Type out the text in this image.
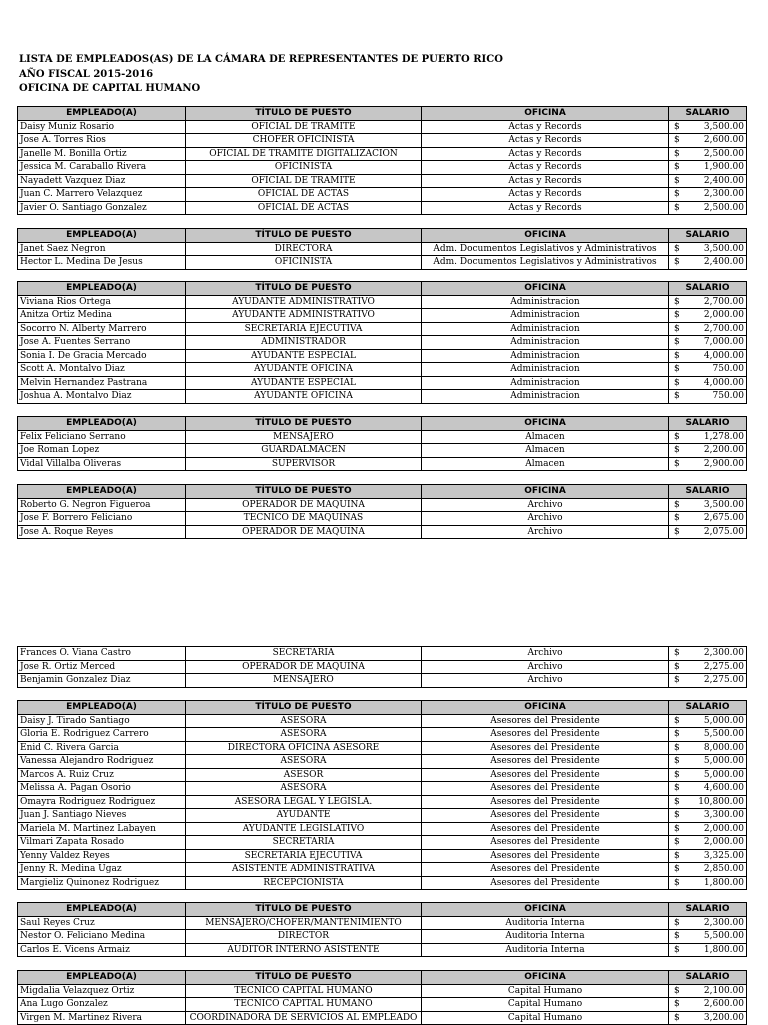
LISTA DE EMPLEADOS(AS) DE LA CÁMARA DE REPRESENTANTES DE PUERTO RICO
AÑO FISCAL 2015-2016
OFICINA DE CAPITAL HUMANO
EMPLEADO(A)	TÍTULO DE PUESTO	OFICINA	SALARIO
Daisy Muniz Rosario	OFICIAL DE TRAMITE	Actas y Records	$ 3,500.00

Jose A. Torres Rios	CHOFER OFICINISTA	Actas y Records	$ 2,600.00

Janelle M. Bonilla Ortiz	OFICIAL DE TRAMITE DIGITALIZACION	Actas y Records	$ 2,500.00

Jessica M. Caraballo Rivera	OFICINISTA	Actas y Records	$ 1,900.00

Nayadett Vazquez Diaz	OFICIAL DE TRAMITE	Actas y Records	$ 2,400.00

Juan C. Marrero Velazquez	OFICIAL DE ACTAS	Actas y Records	$ 2,300.00

Javier O. Santiago Gonzalez	OFICIAL DE ACTAS	Actas y Records	$ 2,500.00
EMPLEADO(A)	TÍTULO DE PUESTO	OFICINA	SALARIO
Janet Saez Negron	DIRECTORA	Adm. Documentos Legislativos y Administrativos	$ 3,500.00

Hector L. Medina De Jesus	OFICINISTA	Adm. Documentos Legislativos y Administrativos	$ 2,400.00
EMPLEADO(A)	TÍTULO DE PUESTO	OFICINA	SALARIO
Viviana Rios Ortega	AYUDANTE ADMINISTRATIVO	Administracion	$ 2,700.00

Anitza Ortiz Medina	AYUDANTE ADMINISTRATIVO	Administracion	$ 2,000.00

Socorro N. Alberty Marrero	SECRETARIA EJECUTIVA	Administracion	$ 2,700.00

Jose A. Fuentes Serrano	ADMINISTRADOR	Administracion	$ 7,000.00

Sonia I. De Gracia Mercado	AYUDANTE ESPECIAL	Administracion	$ 4,000.00

Scott A. Montalvo Diaz	AYUDANTE OFICINA	Administracion	$ 750.00

Melvin Hernandez Pastrana	AYUDANTE ESPECIAL	Administracion	$ 4,000.00

Joshua A. Montalvo Diaz	AYUDANTE OFICINA	Administracion	$ 750.00
EMPLEADO(A)	TÍTULO DE PUESTO	OFICINA	SALARIO
Felix Feliciano Serrano	MENSAJERO	Almacen	$ 1,278.00

Joe Roman Lopez	GUARDALMACEN	Almacen	$ 2,200.00

Vidal Villalba Oliveras	SUPERVISOR	Almacen	$ 2,900.00
EMPLEADO(A)	TÍTULO DE PUESTO	OFICINA	SALARIO
Roberto G. Negron Figueroa	OPERADOR DE MAQUINA	Archivo	$ 3,500.00

Jose F. Borrero Feliciano	TECNICO DE MAQUINAS	Archivo	$ 2,675.00

Jose A. Roque Reyes	OPERADOR DE MAQUINA	Archivo	$ 2,075.00
Frances O. Viana Castro	SECRETARIA	Archivo	$ 2,300.00

Jose R. Ortiz Merced	OPERADOR DE MAQUINA	Archivo	$ 2,275.00

Benjamin Gonzalez Diaz	MENSAJERO	Archivo	$ 2,275.00
EMPLEADO(A)	TÍTULO DE PUESTO	OFICINA	SALARIO
Daisy J. Tirado Santiago	ASESORA	Asesores del Presidente	$ 5,000.00

Gloria E. Rodriguez Carrero	ASESORA	Asesores del Presidente	$ 5,500.00

Enid C. Rivera Garcia	DIRECTORA OFICINA ASESORE	Asesores del Presidente	$ 8,000.00

Vanessa Alejandro Rodriguez	ASESORA	Asesores del Presidente	$ 5,000.00

Marcos A. Ruiz Cruz	ASESOR	Asesores del Presidente	$ 5,000.00

Melissa A. Pagan Osorio	ASESORA	Asesores del Presidente	$ 4,600.00

Omayra Rodriguez Rodriguez	ASESORA LEGAL Y LEGISLA.	Asesores del Presidente	$ 10,800.00

Juan J. Santiago Nieves	AYUDANTE	Asesores del Presidente	$ 3,300.00

Mariela M. Martinez Labayen	AYUDANTE LEGISLATIVO	Asesores del Presidente	$ 2,000.00

Vilmari Zapata Rosado	SECRETARIA	Asesores del Presidente	$ 2,000.00

Yenny Valdez Reyes	SECRETARIA EJECUTIVA	Asesores del Presidente	$ 3,325.00

Jenny R. Medina Ugaz	ASISTENTE ADMINISTRATIVA	Asesores del Presidente	$ 2,850.00

Margieliz Quinonez Rodriguez	RECEPCIONISTA	Asesores del Presidente	$ 1,800.00
EMPLEADO(A)	TÍTULO DE PUESTO	OFICINA	SALARIO
Saul Reyes Cruz	MENSAJERO/CHOFER/MANTENIMIENTO	Auditoria Interna	$ 2,300.00

Nestor O. Feliciano Medina	DIRECTOR	Auditoria Interna	$ 5,500.00

Carlos E. Vicens Armaiz	AUDITOR INTERNO ASISTENTE	Auditoria Interna	$ 1,800.00
EMPLEADO(A)	TÍTULO DE PUESTO	OFICINA	SALARIO
Migdalia Velazquez Ortiz	TECNICO CAPITAL HUMANO	Capital Humano	$ 2,100.00

Ana Lugo Gonzalez	TECNICO CAPITAL HUMANO	Capital Humano	$ 2,600.00

Virgen M. Martinez Rivera	COORDINADORA DE SERVICIOS AL EMPLEADO	Capital Humano	$ 3,200.00
